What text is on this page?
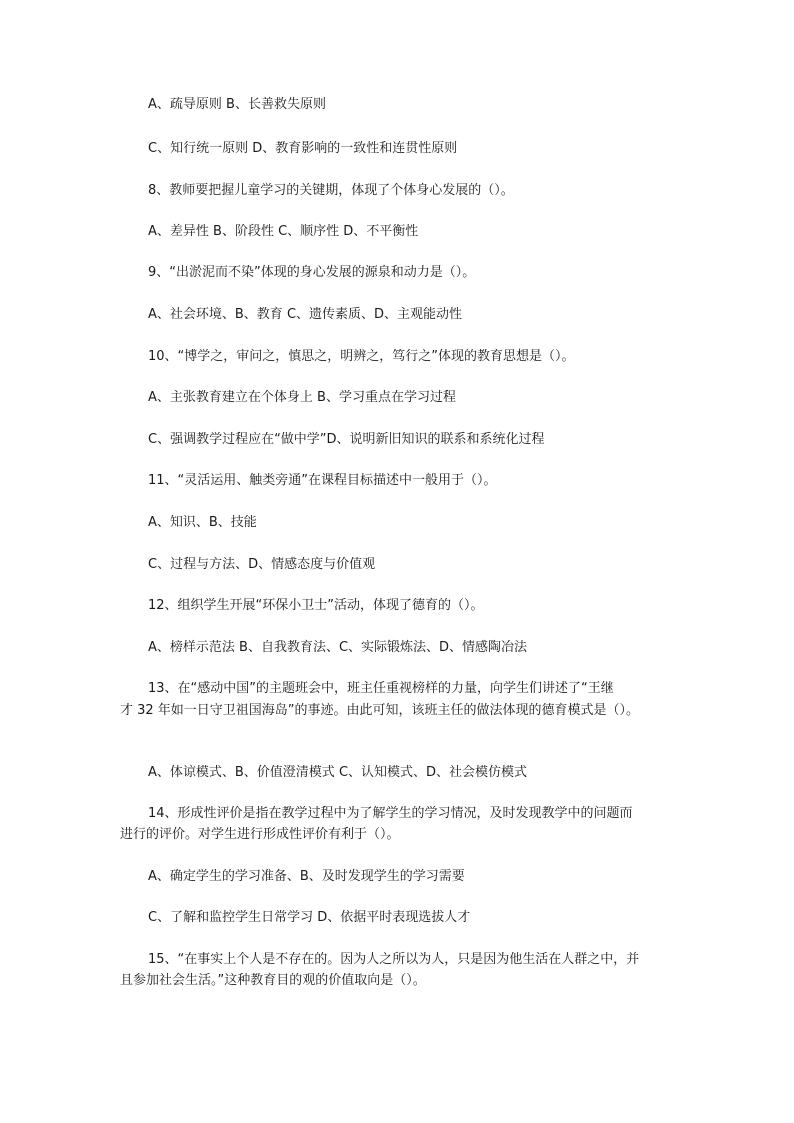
A、疏导原则 B、长善救失原则
C、知行统一原则 D、教育影响的一致性和连贯性原则
8、教师要把握儿童学习的关键期，体现了个体身心发展的（）。
A、差异性 B、阶段性 C、顺序性 D、不平衡性
9、“出淤泥而不染”体现的身心发展的源泉和动力是（）。
A、社会环境、B、教育 C、遗传素质、D、主观能动性
10、“博学之，审问之，慎思之，明辨之，笃行之”体现的教育思想是（）。
A、主张教育建立在个体身上 B、学习重点在学习过程
C、强调教学过程应在“做中学”D、说明新旧知识的联系和系统化过程
11、“灵活运用、触类旁通”在课程目标描述中一般用于（）。
A、知识、B、技能
C、过程与方法、D、情感态度与价值观
12、组织学生开展“环保小卫士”活动，体现了德育的（）。
A、榜样示范法 B、自我教育法、C、实际锻炼法、D、情感陶冶法
13、在“感动中国”的主题班会中，班主任重视榜样的力量，向学生们讲述了“王继
才 32 年如一日守卫祖国海岛”的事迹。由此可知，该班主任的做法体现的德育模式是（）。
A、体谅模式、B、价值澄清模式 C、认知模式、D、社会模仿模式
14、形成性评价是指在教学过程中为了解学生的学习情况，及时发现教学中的问题而
进行的评价。对学生进行形成性评价有利于（）。
A、确定学生的学习准备、B、及时发现学生的学习需要
C、了解和监控学生日常学习 D、依据平时表现选拔人才
15、“在事实上个人是不存在的。因为人之所以为人，只是因为他生活在人群之中，并
且参加社会生活。”这种教育目的观的价值取向是（）。
